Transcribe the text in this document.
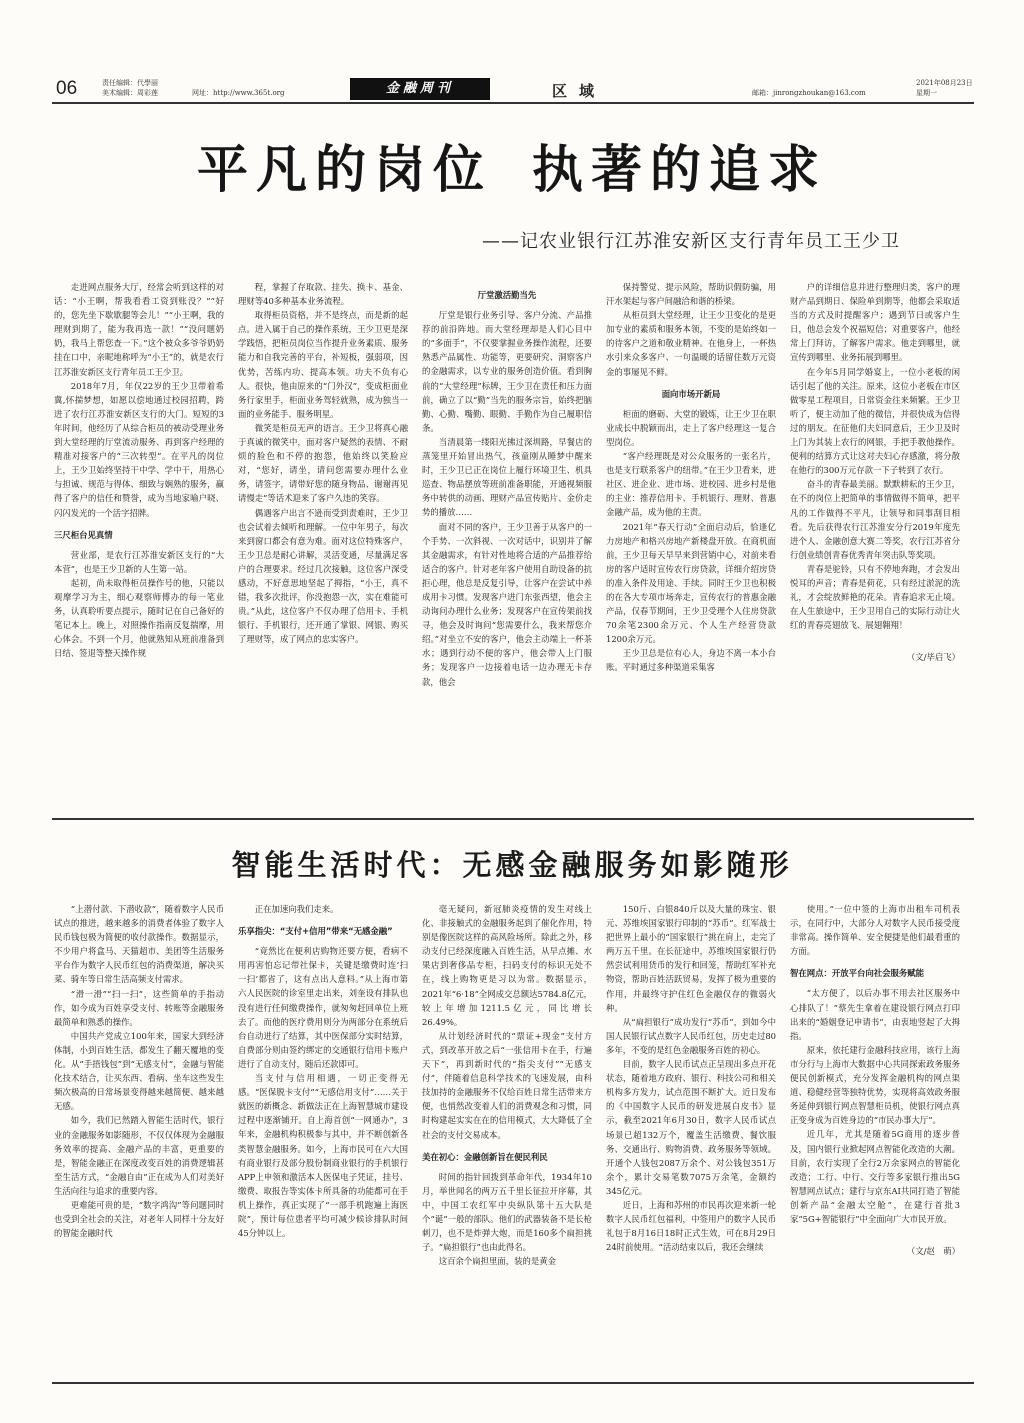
06	责任编辑：代學丽
美术编辑：周彩莲	网址：http://www.365t.org	金融周刊	区域	邮箱：jinrongzhoukan@163.com
2021年08月23日
星期一
平凡的岗位 执著的追求
——记农业银行江苏淮安新区支行青年员工王少卫

走进网点服务大厅，经常会听到这样的对话：“小王啊，帮我看看工资到账没？”“好的，您先坐下歇歇腿等会儿！”“小王啊，我的理财到期了，能为我再选一款！”“没问题奶奶，我马上帮您查一下。”这个被众多爷爷奶奶挂在口中，亲昵地称呼为“小王”的，就是农行江苏淮安新区支行青年员工王少卫。

2018年7月，年仅22岁的王少卫带着希冀,怀揣梦想，如愿以偿地通过校园招聘，跨进了农行江苏淮安新区支行的大门。短短的3年时间，他经历了从综合柜员的被动受理业务到大堂经理的厅堂流动服务、再到客户经理的精准对接客户的“三次转型”。在平凡的岗位上，王少卫始终坚持干中学、学中干，用热心与担诚、规范与得体、细致与娴熟的服务，赢得了客户的信任和赞誉，成为当地家喻户晓、闪闪发光的一个活字招牌。

三尺柜台见真情

营业部，是农行江苏淮安新区支行的“大本营”，也是王少卫新的人生第一站。

起初，尚未取得柜员操作号的他，只能以观摩学习为主，细心观察师傅办的每一笔业务，认真聆听要点提示，随时记在自己备好的笔记本上。晚上，对照操作指南反复揣摩，用心体会。不到一个月，他就熟知从班前准备到日结、签退等整天操作规

程，掌握了存取款、挂失、换卡、基金、理财等40多种基本业务流程。

取得柜员资格，并不是终点，而是新的起点。进入属于自己的操作系统，王少卫更是深学践悟，把柜员岗位当作提升业务素质、服务能力和自我完善的平台，补短板，强弱项，因优势，苦练内功、提高本领。功夫不负有心人。很快，他由原来的“门外汉”，变成柜面业务行家里手，柜面业务驾轻就熟，成为独当一面的业务能手、服务明星。

微笑是柜员无声的语言。王少卫将真心融于真诚的微笑中，面对客户疑然的表情、不耐烦的脸色和不停的抱怨，他始终以笑脸应对，“您好，请坐，请问您需要办理什么业务，请签字，请带好您的随身物品、谢谢再见请慢走”等话术迎来了客户久违的笑容。

偶遇客户出言不逊而受到责难时，王少卫也会试着去倾听和理解。一位中年男子，每次来到窗口都会有意为难。面对这位特殊客户，王少卫总是耐心讲解，灵活变通，尽量满足客户的合理要求。经过几次接触，这位客户深受感动，不好意思地坚起了拇指，“小王，真不错，我多次批评，你没抱怨一次，实在难能可贵。”从此，这位客户不仅办理了信用卡、手机银行、手机银行，还开通了掌银、网银、购买了理财等，成了网点的忠实客户。

厅堂激活勤当先

厅堂是银行业务引导、客户分流、产品推荐的前沿阵地。而大堂经理却是人们心目中的“多面手”，不仅要掌握业务操作流程，还要熟悉产品属性、功能等，更要研究、洞察客户的金融需求，以专业的服务创造价值。看到胸前的“大堂经理”标牌，王少卫在责任和压力面前，确立了以“勤”当先的服务宗旨，始终把脑勤、心勤、嘴勤、眼勤、手勤作为自己履职信条。

当清晨第一缕阳光拂过深圳路，早餐店的蒸笼里开始冒出热气，孩童刚从睡梦中醒来时，王少卫已正在岗位上履行环境卫生、机具巡查、物品摆放等班前准备职能，开通视频服务中转供的动画、理财产品宣传贴片、金价走势的播放……

面对不同的客户，王少卫善于从客户的一个手势、一次斜视、一次对话中，识别并了解其金融需求，有针对性地将合适的产品推荐给适合的客户。针对老年客户使用自助设备的抗拒心理，他总是反复引导，让客户在尝试中养成用卡习惯。发现客户进门东张西望，他会主动询问办理什么业务；发现客户在宣传架前找寻，他会及时询问“您需要什么，我来帮您介绍。”对坐立不安的客户，他会主动端上一杯茶水；遇到行动不便的客户，他会带人上门服务；发现客户一边接着电话一边办理无卡存款，他会

保持警觉、提示风险，帮助识假防骗，用汗水架起与客户间融洽和谐的桥梁。

从柜员到大堂经理，让王少卫变化的是更加专业的素质和服务本领，不变的是始终如一的待客户之道和敬业精神。在他身上，一杯热水引来众多客户、一句温暖的话留住数万元资金的事屡见不鲜。

面向市场开新局

柜面的磨砺、大堂的锻炼，让王少卫在职业成长中脱颖而出，走上了客户经理这一复合型岗位。

“客户经理既是对公众服务的一张名片，也是支行联系客户的纽带。”在王少卫看来，进社区、进企业、进市场、进校园、进乡村是他的主业：推荐信用卡、手机银行、理财、普惠金融产品，成为他的主责。

2021年“春天行动”全面启动后，恰逢亿力房地产和格兴房地产新楼盘开放。在商机面前，王少卫每天早早来到营销中心，对前来看房的客户适时宣传农行房贷款，详细介绍房贷的准入条件及用途、手续。同时王少卫也积极的在各大专项市场奔走，宣传农行的普惠金融产品，仅春节期间，王少卫受理个人住房贷款70余笔2300余万元、个人生产经营贷款1200余万元。

王少卫总是位有心人，身边不离一本小台账。平时通过多种渠道采集客

户的详细信息并进行整理归类，客户的理财产品到期日、保险单到期等，他都会采取适当的方式及时提醒客户；遇到节日或客户生日，他总会发个祝福短信；对重要客户，他经常上门拜访，了解客户需求。他走到哪里，就宣传到哪里、业务拓展到哪里。

在今年5月同学婚宴上，一位小老板的闲话引起了他的关注。原来，这位小老板在市区做零星工程项目，日常资金往来频繁。王少卫听了，便主动加了他的微信，并很快成为信得过的朋友。在征他们夫妇同意后，王少卫及时上门为其装上农行的网银，手把手教他操作。便利的结算方式让这对夫妇心存感激，将分散在他行的300万元存款一下子转到了农行。

奋斗的青春最美丽。默默耕耘的王少卫，在不的岗位上把简单的事情做得不简单，把平凡的工作做得不平凡，让领导和同事刮目相看。先后获得农行江苏淮安分行2019年度先进个人、金融创意大赛二等奖，农行江苏省分行创业绩创青春优秀青年突击队等奖项。

青春是驼铃，只有不停地奔跑，才会发出悦耳的声音；青春是荷花，只有经过淤泥的洗礼，才会绽放鲜艳的花朵。青春追求无止境。在人生旅途中，王少卫用自己的实际行动让火红的青春亮翅放飞、展翅翱翔！

（文/毕启飞）

智能生活时代：无感金融服务如影随形

“上潜付款、下潜收款”，随着数字人民币试点的推进，越来越多的消费者体验了数字人民币钱包极为简便的收付款操作。数据显示，不少用户将盒马、天猫超市、美团等生活服务平台作为数字人民币红包的消费渠道，解决买菜、骑车等日常生活高频支付需求。

“滑一滑”“扫一扫”，这些简单的手指动作，如今成为百姓享受支付、转账等金融服务最简单和熟悉的操作。

中国共产党成立100年来，国家大到经济体制，小到百姓生活，都发生了翻天覆地的变化。从“手捂钱包”到“无感支付”，金融与智能化技术结合，让买东西、看病、坐车这些发生频次极高的日常场景变得越来越简便、越来越无感。

如今，我们已然踏入智能生活时代，银行业的金融服务如影随形，不仅仅体现为金融服务效率的提高、金融产品的丰富，更重要的是，智能金融正在深度改变百姓的消费逻辑甚至生活方式，“金融自由”正在成为人们对美好生活向往与追求的重要内容。

更难能可贵的是，“数字鸿沟”等问题同时也受到全社会的关注，对老年人同样十分友好的智能金融时代

正在加速向我们走来。

乐享指尖：“支付+信用”带来“无感金融”

“竟然比在便利店购物还要方便，看病不用再害怕忘记带社保卡，关键是缴费时连‘扫一扫’都省了，这有点出人意料。”从上海市第六人民医院的诊室里走出来，刘奎设有排队也没有进行任何缴费操作，就匆匆赶回单位上班去了。而他的医疗费用则分为两部分在系统后台自动进行了结算，其中医保部分实时结算，自费部分则由签约绑定的交通银行信用卡账户进行了自动支付，随后还款即可。

当支付与信用相遇，一切正变得无感。“医保脱卡支付”“无感信用支付”……关于就医的新概念、新做法正在上海智慧城市建设过程中逐渐铺开。自上海首创“一网通办”，3年来，金融机构积极参与其中，并不断创新各类智慧金融服务。如今，上海市民可在六大国有商业银行及部分股份制商业银行的手机银行APP上申领和激活本人医保电子凭证，挂号、缴费、取报告等实体卡所具备的功能都可在手机上操作，真正实现了“一部手机跑遍上海医院”，预计每位患者平均可减少候诊排队时间45分钟以上。

毫无疑问，新冠肺炎疫情的发生对线上化、非接触式的金融服务起到了催化作用，特别是像医院这样的高风险场所。除此之外，移动支付已经深度融入百姓生活，从早点摊、水果店到奢侈品专柜，扫码支付的标识无处不在，线上购物更是习以为常。数据显示，2021年“6·18”全网成交总额达5784.8亿元，较上年增加1211.5亿元，同比增长26.49%。

从计划经济时代的“票证+现金”支付方式，到改革开放之后“一张信用卡在手，行遍天下”，再到新时代的“指尖支付”“无感支付”，伴随着信息科学技术的飞速发展，由科技加持的金融服务不仅给百姓日常生活带来方便，也悄然改变着人们的消费观念和习惯，同时构建起实实在在的信用模式，大大降低了全社会的支付交易成本。

美在初心：金融创新旨在便民利民

时间的指针回拨到革命年代，1934年10月，举世闻名的两万五千里长征拉开序幕，其中，中国工农红军中央纵队第十五大队是个“诞”一般的部队。他们的武器装备不是长枪刺刀，也不是炸弹大炮，而是160多个扁担挑子。“扁担银行”也由此得名。

这百余个扁担里面，装的是黄金

150斤、白银840斤以及大量的珠宝、银元、苏维埃国家银行印制的“苏币”。红军战士把世界上最小的“国家银行”挑在肩上，走完了两万五千里。在长征途中，苏维埃国家银行仍然尝试利用货币的发行和回笼，帮助红军补充物资，帮助百姓活跃贸易，发挥了极为重要的作用，并最终守护住红色金融仅存的微弱火种。

从“扁担银行”成功发行“苏币”，到如今中国人民银行试点数字人民币红包，历史走过80多年，不变的是红色金融服务百姓的初心。

目前，数字人民币试点正呈现出多点开花状态，随着地方政府、银行、科技公司和相关机构多方发力，试点范围不断扩大。近日发布的《中国数字人民币的研发进展白皮书》显示，截至2021年6月30日，数字人民币试点场景已超132万个，覆盖生活缴费、餐饮服务、交通出行、购物消费、政务服务等领域。开通个人钱包2087万余个、对公钱包351万余个，累计交易笔数7075万余笔，金额约345亿元。

近日，上海和苏州的市民再次迎来新一轮数字人民币红包福利，中签用户的数字人民币礼包于8月16日18时正式生效，可在8月29日24时前使用。“活动结束以后，我还会继续

使用。”一位中签的上海市出租车司机表示，在同行中，大部分人对数字人民币接受度非常高。操作简单、安全便捷是他们最看重的方面。

智在网点：开放平台向社会服务赋能

“太方便了，以后办事不用去社区服务中心排队了！”蔡先生拿着在建设银行网点打印出来的“婚姻登记申请书”，由衷地竖起了大拇指。

原来，依托建行金融科技应用，该行上海市分行与上海市大数据中心共同探索政务服务便民创新模式，充分发挥金融机构的网点渠道、稳健经营等独特优势，实现将高效政务服务延伸到银行网点智慧柜员机，使银行网点真正变身成为百姓身边的“市民办事大厅”。

近几年，尤其是随着5G商用的逐步普及，国内银行业掀起网点智能化改造的大潮。目前，农行实现了全行2万余家网点的智能化改造；工行、中行、交行等多家银行推出5G智慧网点试点；建行与京东AI共同打造了智能创新产品“金融太空舱”，在建行首批3家“5G+智能银行”中全面向广大市民开放。

（文/赵　萌）
